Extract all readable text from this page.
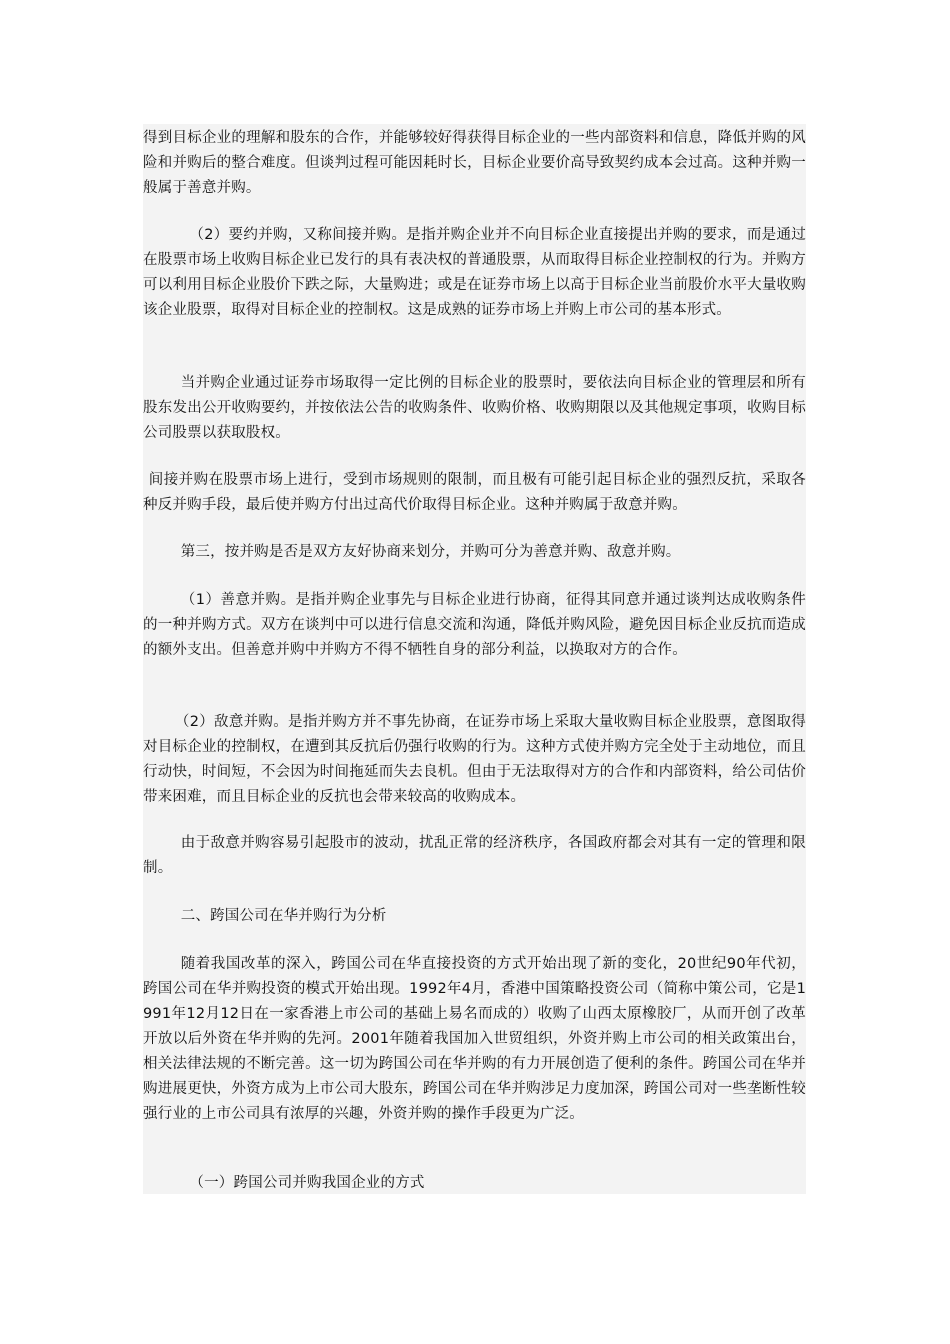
得到目标企业的理解和股东的合作，并能够较好得获得目标企业的一些内部资料和信息，降低并购的风险和并购后的整合难度。但谈判过程可能因耗时长，目标企业要价高导致契约成本会过高。这种并购一般属于善意并购。

（2）要约并购，又称间接并购。是指并购企业并不向目标企业直接提出并购的要求，而是通过在股票市场上收购目标企业已发行的具有表决权的普通股票，从而取得目标企业控制权的行为。并购方可以利用目标企业股价下跌之际，大量购进；或是在证券市场上以高于目标企业当前股价水平大量收购该企业股票，取得对目标企业的控制权。这是成熟的证券市场上并购上市公司的基本形式。

当并购企业通过证券市场取得一定比例的目标企业的股票时，要依法向目标企业的管理层和所有股东发出公开收购要约，并按依法公告的收购条件、收购价格、收购期限以及其他规定事项，收购目标公司股票以获取股权。

间接并购在股票市场上进行，受到市场规则的限制，而且极有可能引起目标企业的强烈反抗，采取各种反并购手段，最后使并购方付出过高代价取得目标企业。这种并购属于敌意并购。

第三，按并购是否是双方友好协商来划分，并购可分为善意并购、敌意并购。

（1）善意并购。是指并购企业事先与目标企业进行协商，征得其同意并通过谈判达成收购条件的一种并购方式。双方在谈判中可以进行信息交流和沟通，降低并购风险，避免因目标企业反抗而造成的额外支出。但善意并购中并购方不得不牺牲自身的部分利益，以换取对方的合作。

（2）敌意并购。是指并购方并不事先协商，在证券市场上采取大量收购目标企业股票，意图取得对目标企业的控制权，在遭到其反抗后仍强行收购的行为。这种方式使并购方完全处于主动地位，而且行动快，时间短，不会因为时间拖延而失去良机。但由于无法取得对方的合作和内部资料，给公司估价带来困难，而且目标企业的反抗也会带来较高的收购成本。

由于敌意并购容易引起股市的波动，扰乱正常的经济秩序，各国政府都会对其有一定的管理和限制。

二、跨国公司在华并购行为分析

随着我国改革的深入，跨国公司在华直接投资的方式开始出现了新的变化，20世纪90年代初，跨国公司在华并购投资的模式开始出现。1992年4月，香港中国策略投资公司（简称中策公司，它是1991年12月12日在一家香港上市公司的基础上易名而成的）收购了山西太原橡胶厂，从而开创了改革开放以后外资在华并购的先河。2001年随着我国加入世贸组织，外资并购上市公司的相关政策出台，相关法律法规的不断完善。这一切为跨国公司在华并购的有力开展创造了便利的条件。跨国公司在华并购进展更快，外资方成为上市公司大股东，跨国公司在华并购涉足力度加深，跨国公司对一些垄断性较强行业的上市公司具有浓厚的兴趣，外资并购的操作手段更为广泛。

（一）跨国公司并购我国企业的方式
